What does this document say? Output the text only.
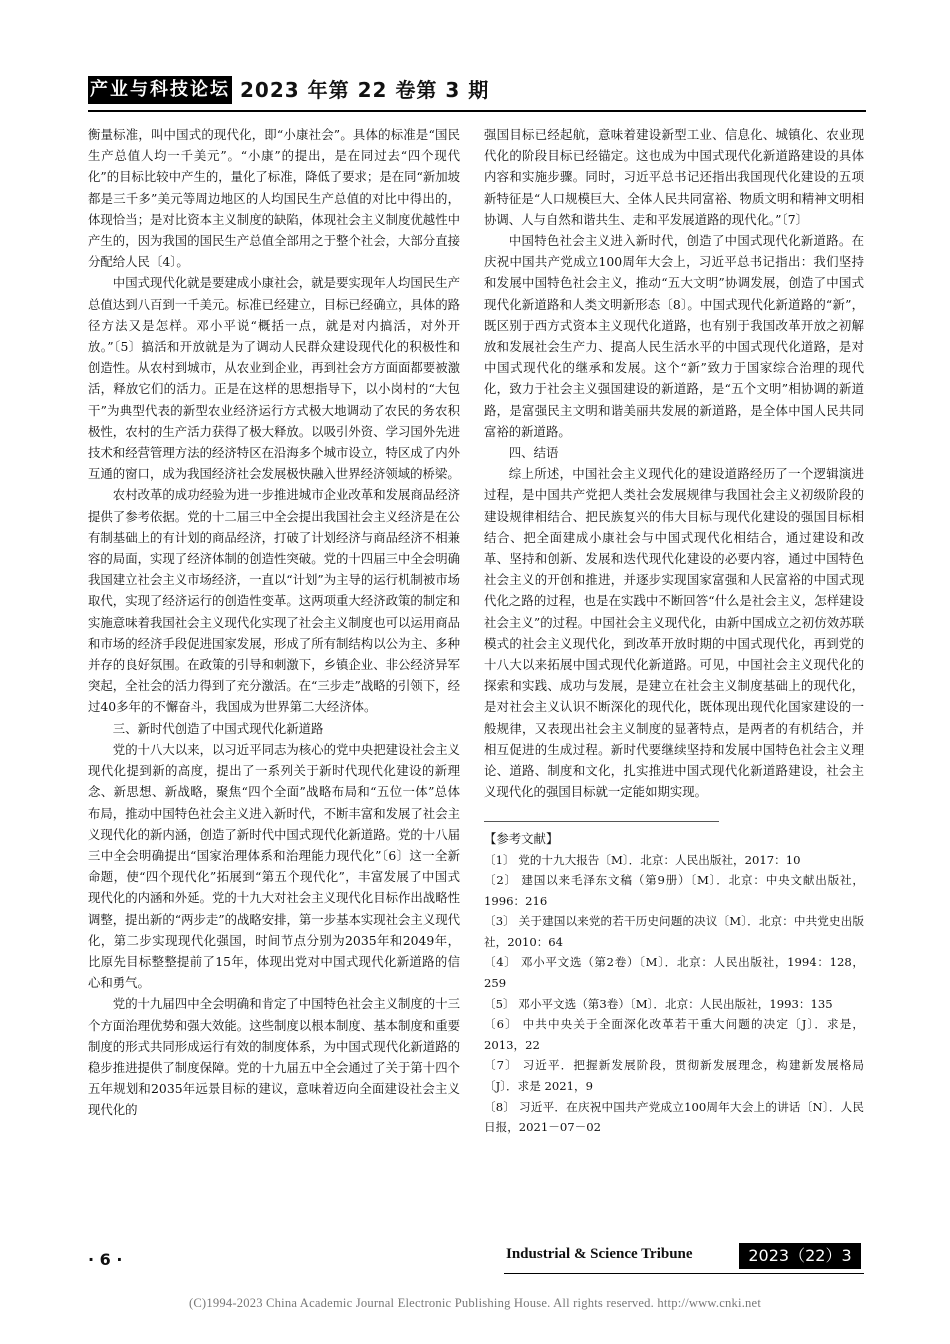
产业与科技论坛 2023 年第 22 卷第 3 期

衡量标准，叫中国式的现代化，即“小康社会”。具体的标准是“国民生产总值人均一千美元”。“小康”的提出，是在同过去“四个现代化”的目标比较中产生的，量化了标准，降低了要求；是在同“新加坡都是三千多”美元等周边地区的人均国民生产总值的对比中得出的，体现恰当；是对比资本主义制度的缺陷，体现社会主义制度优越性中产生的，因为我国的国民生产总值全部用之于整个社会，大部分直接分配给人民〔4〕。

中国式现代化就是要建成小康社会，就是要实现年人均国民生产总值达到八百到一千美元。标准已经建立，目标已经确立，具体的路径方法又是怎样。邓小平说“概括一点，就是对内搞活，对外开放。”〔5〕搞活和开放就是为了调动人民群众建设现代化的积极性和创造性。从农村到城市，从农业到企业，再到社会方方面面都要被激活，释放它们的活力。正是在这样的思想指导下，以小岗村的“大包干”为典型代表的新型农业经济运行方式极大地调动了农民的务农积极性，农村的生产活力获得了极大释放。以吸引外资、学习国外先进技术和经营管理方法的经济特区在沿海多个城市设立，特区成了内外互通的窗口，成为我国经济社会发展极快融入世界经济领域的桥梁。

农村改革的成功经验为进一步推进城市企业改革和发展商品经济提供了参考依据。党的十二届三中全会提出我国社会主义经济是在公有制基础上的有计划的商品经济，打破了计划经济与商品经济不相兼容的局面，实现了经济体制的创造性突破。党的十四届三中全会明确我国建立社会主义市场经济，一直以“计划”为主导的运行机制被市场取代，实现了经济运行的创造性变革。这两项重大经济政策的制定和实施意味着我国社会主义现代化实现了社会主义制度也可以运用商品和市场的经济手段促进国家发展，形成了所有制结构以公为主、多种并存的良好氛围。在政策的引导和刺激下，乡镇企业、非公经济异军突起，全社会的活力得到了充分激活。在“三步走”战略的引领下，经过40多年的不懈奋斗，我国成为世界第二大经济体。

三、新时代创造了中国式现代化新道路

党的十八大以来，以习近平同志为核心的党中央把建设社会主义现代化提到新的高度，提出了一系列关于新时代现代化建设的新理念、新思想、新战略，聚焦“四个全面”战略布局和“五位一体”总体布局，推动中国特色社会主义进入新时代，不断丰富和发展了社会主义现代化的新内涵，创造了新时代中国式现代化新道路。党的十八届三中全会明确提出“国家治理体系和治理能力现代化”〔6〕这一全新命题，使“四个现代化”拓展到“第五个现代化”，丰富发展了中国式现代化的内涵和外延。党的十九大对社会主义现代化目标作出战略性调整，提出新的“两步走”的战略安排，第一步基本实现社会主义现代化，第二步实现现代化强国，时间节点分别为2035年和2049年，比原先目标整整提前了15年，体现出党对中国式现代化新道路的信心和勇气。

党的十九届四中全会明确和肯定了中国特色社会主义制度的十三个方面治理优势和强大效能。这些制度以根本制度、基本制度和重要制度的形式共同形成运行有效的制度体系，为中国式现代化新道路的稳步推进提供了制度保障。党的十九届五中全会通过了关于第十四个五年规划和2035年远景目标的建议，意味着迈向全面建设社会主义现代化的

强国目标已经起航，意味着建设新型工业、信息化、城镇化、农业现代化的阶段目标已经锚定。这也成为中国式现代化新道路建设的具体内容和实施步骤。同时，习近平总书记还指出我国现代化建设的五项新特征是“人口规模巨大、全体人民共同富裕、物质文明和精神文明相协调、人与自然和谐共生、走和平发展道路的现代化。”〔7〕

中国特色社会主义进入新时代，创造了中国式现代化新道路。在庆祝中国共产党成立100周年大会上，习近平总书记指出：我们坚持和发展中国特色社会主义，推动“五大文明”协调发展，创造了中国式现代化新道路和人类文明新形态〔8〕。中国式现代化新道路的“新”，既区别于西方式资本主义现代化道路，也有别于我国改革开放之初解放和发展社会生产力、提高人民生活水平的中国式现代化道路，是对中国式现代化的继承和发展。这个“新”致力于国家综合治理的现代化，致力于社会主义强国建设的新道路，是“五个文明”相协调的新道路，是富强民主文明和谐美丽共发展的新道路，是全体中国人民共同富裕的新道路。

四、结语

综上所述，中国社会主义现代化的建设道路经历了一个逻辑演进过程，是中国共产党把人类社会发展规律与我国社会主义初级阶段的建设规律相结合、把民族复兴的伟大目标与现代化建设的强国目标相结合、把全面建成小康社会与中国式现代化相结合，通过建设和改革、坚持和创新、发展和迭代现代化建设的必要内容，通过中国特色社会主义的开创和推进，并逐步实现国家富强和人民富裕的中国式现代化之路的过程，也是在实践中不断回答“什么是社会主义，怎样建设社会主义”的过程。中国社会主义现代化，由新中国成立之初仿效苏联模式的社会主义现代化，到改革开放时期的中国式现代化，再到党的十八大以来拓展中国式现代化新道路。可见，中国社会主义现代化的探索和实践、成功与发展，是建立在社会主义制度基础上的现代化，是对社会主义认识不断深化的现代化，既体现出现代化国家建设的一般规律，又表现出社会主义制度的显著特点，是两者的有机结合，并相互促进的生成过程。新时代要继续坚持和发展中国特色社会主义理论、道路、制度和文化，扎实推进中国式现代化新道路建设，社会主义现代化的强国目标就一定能如期实现。

【参考文献】
〔1〕 党的十九大报告〔M〕．北京：人民出版社，2017：10
〔2〕 建国以来毛泽东文稿（第9册）〔M〕．北京：中央文献出版社，1996：216
〔3〕 关于建国以来党的若干历史问题的决议〔M〕．北京：中共党史出版社，2010：64
〔4〕 邓小平文选（第2卷）〔M〕．北京：人民出版社，1994：128，259
〔5〕 邓小平文选（第3卷）〔M〕．北京：人民出版社，1993：135
〔6〕 中共中央关于全面深化改革若干重大问题的决定〔J〕．求是，2013，22
〔7〕 习近平．把握新发展阶段，贯彻新发展理念，构建新发展格局〔J〕．求是 2021，9
〔8〕 习近平．在庆祝中国共产党成立100周年大会上的讲话〔N〕．人民日报，2021－07－02
· 6 ·	Industrial & Science Tribune	2023（22）3
(C)1994-2023 China Academic Journal Electronic Publishing House. All rights reserved. http://www.cnki.net
